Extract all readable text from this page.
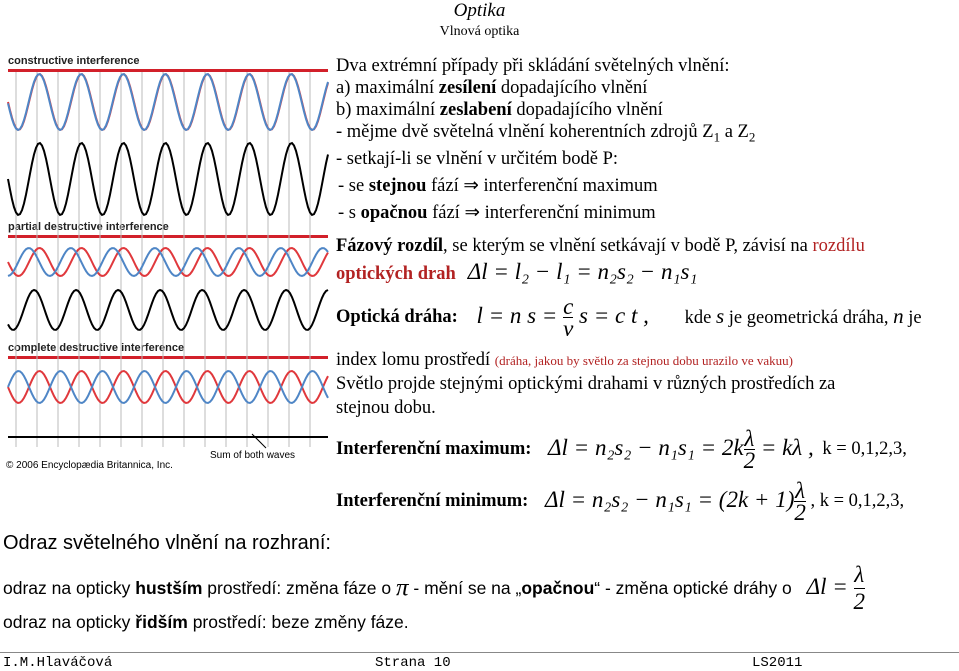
Optika
Vlnová optika
constructive interference
partial destructive interference
complete destructive interference
© 2006 Encyclopædia Britannica, Inc.
Sum of both waves
Dva extrémní případy při skládání světelných vlnění:
a) maximální zesílení dopadajícího vlnění
b) maximální zeslabení dopadajícího vlnění
- mějme dvě světelná vlnění koherentních zdrojů $Z_1$ a $Z_2$
- setkají-li se vlnění v určitém bodě P:
- se stejnou fází ⇒ interferenční maximum
- s opačnou fází ⇒ interferenční minimum
Fázový rozdíl, se kterým se vlnění setkávají v bodě P, závisí na rozdílu
optických drah Δl = l₂ − l₁ = n₂s₂ − n₁s₁
Optická dráha: l = n $s = \frac{c}{v}$ s = c t , kde s je geometrická dráha, n je
index lomu prostředí (dráha, jakou by světlo za stejnou dobu urazilo ve vakuu)
Světlo projde stejnými optickými drahami v různých prostředích za
stejnou dobu.
Interferenční maximum: $\Delta l = n_2s_2 - n_1s_1 = 2k \frac{\lambda}{2} = k\lambda$ , k = 0,1,2,3,
Interferenční minimum: $\Delta l = n_2s_2 - n_1s_1 = (2k + 1) \frac{\lambda}{2}$ , k = 0,1,2,3,
Odraz světelného vlnění na rozhraní:
odraz na opticky hustším prostředí: změna fáze o π - mění se na „opačnou“ - změna optické dráhy o $\Delta l = \frac{\lambda}{2}$
odraz na opticky řidším prostředí: beze změny fáze.
I.M.Hlaváčová	Strana 10	LS2011
